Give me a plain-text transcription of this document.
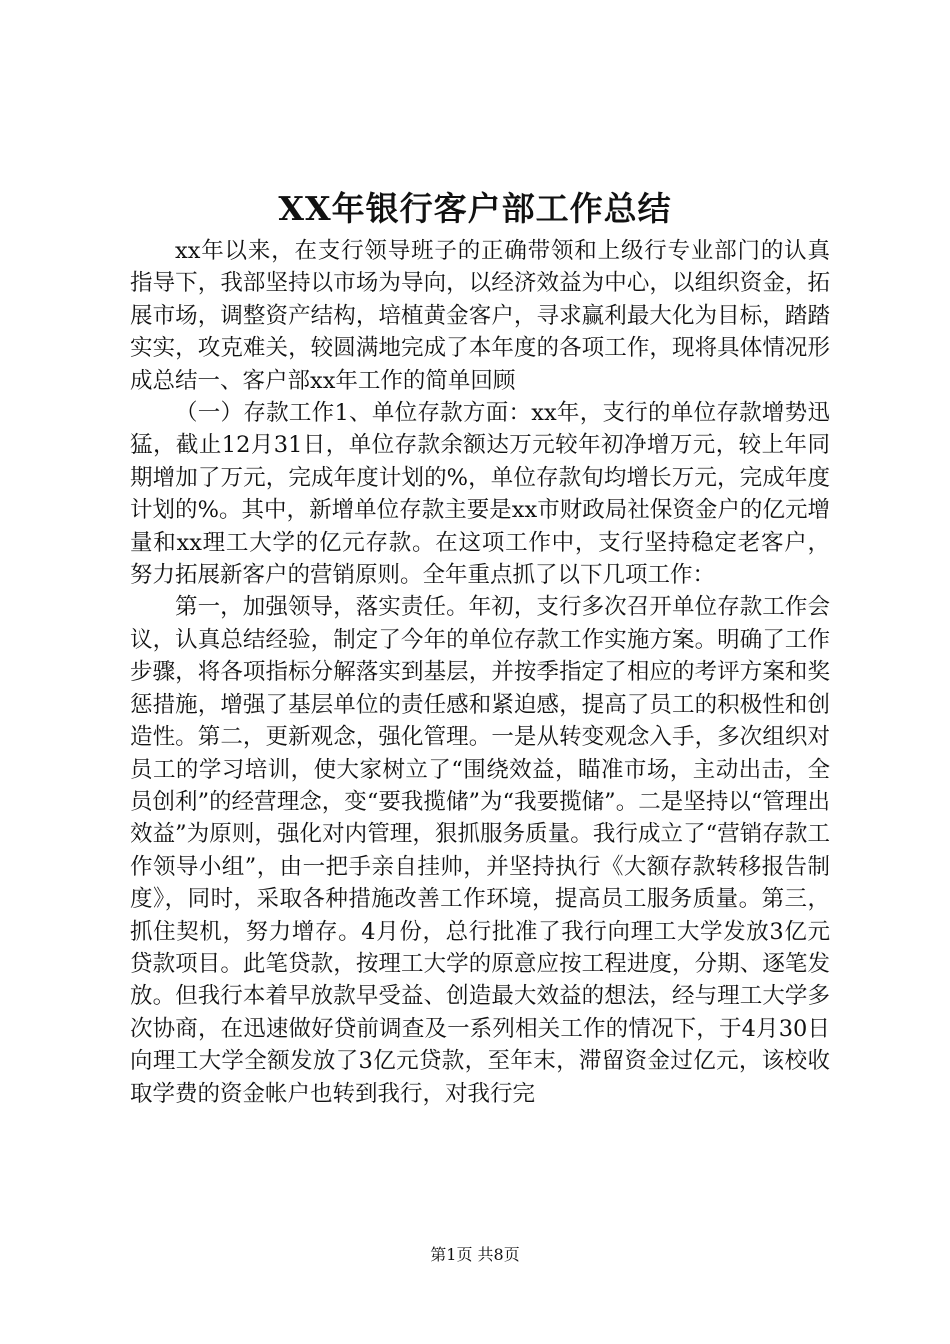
XX年银行客户部工作总结

xx年以来，在支行领导班子的正确带领和上级行专业部门的认真指导下，我部坚持以市场为导向，以经济效益为中心，以组织资金，拓展市场，调整资产结构，培植黄金客户，寻求赢利最大化为目标，踏踏实实，攻克难关，较圆满地完成了本年度的各项工作，现将具体情况形成总结一、客户部xx年工作的简单回顾

（一）存款工作1、单位存款方面：xx年，支行的单位存款增势迅猛，截止12月31日，单位存款余额达万元较年初净增万元，较上年同期增加了万元，完成年度计划的%，单位存款旬均增长万元，完成年度计划的%。其中，新增单位存款主要是xx市财政局社保资金户的亿元增量和xx理工大学的亿元存款。在这项工作中，支行坚持稳定老客户，努力拓展新客户的营销原则。全年重点抓了以下几项工作：

第一，加强领导，落实责任。年初，支行多次召开单位存款工作会议，认真总结经验，制定了今年的单位存款工作实施方案。明确了工作步骤，将各项指标分解落实到基层，并按季指定了相应的考评方案和奖惩措施，增强了基层单位的责任感和紧迫感，提高了员工的积极性和创造性。第二，更新观念，强化管理。一是从转变观念入手，多次组织对员工的学习培训，使大家树立了“围绕效益，瞄准市场，主动出击，全员创利”的经营理念，变“要我揽储”为“我要揽储”。二是坚持以“管理出效益”为原则，强化对内管理，狠抓服务质量。我行成立了“营销存款工作领导小组”，由一把手亲自挂帅，并坚持执行《大额存款转移报告制度》，同时，采取各种措施改善工作环境，提高员工服务质量。第三，抓住契机，努力增存。4月份，总行批准了我行向理工大学发放3亿元贷款项目。此笔贷款，按理工大学的原意应按工程进度，分期、逐笔发放。但我行本着早放款早受益、创造最大效益的想法，经与理工大学多次协商，在迅速做好贷前调查及一系列相关工作的情况下，于4月30日向理工大学全额发放了3亿元贷款，至年末，滞留资金过亿元，该校收取学费的资金帐户也转到我行，对我行完

第1页 共8页
